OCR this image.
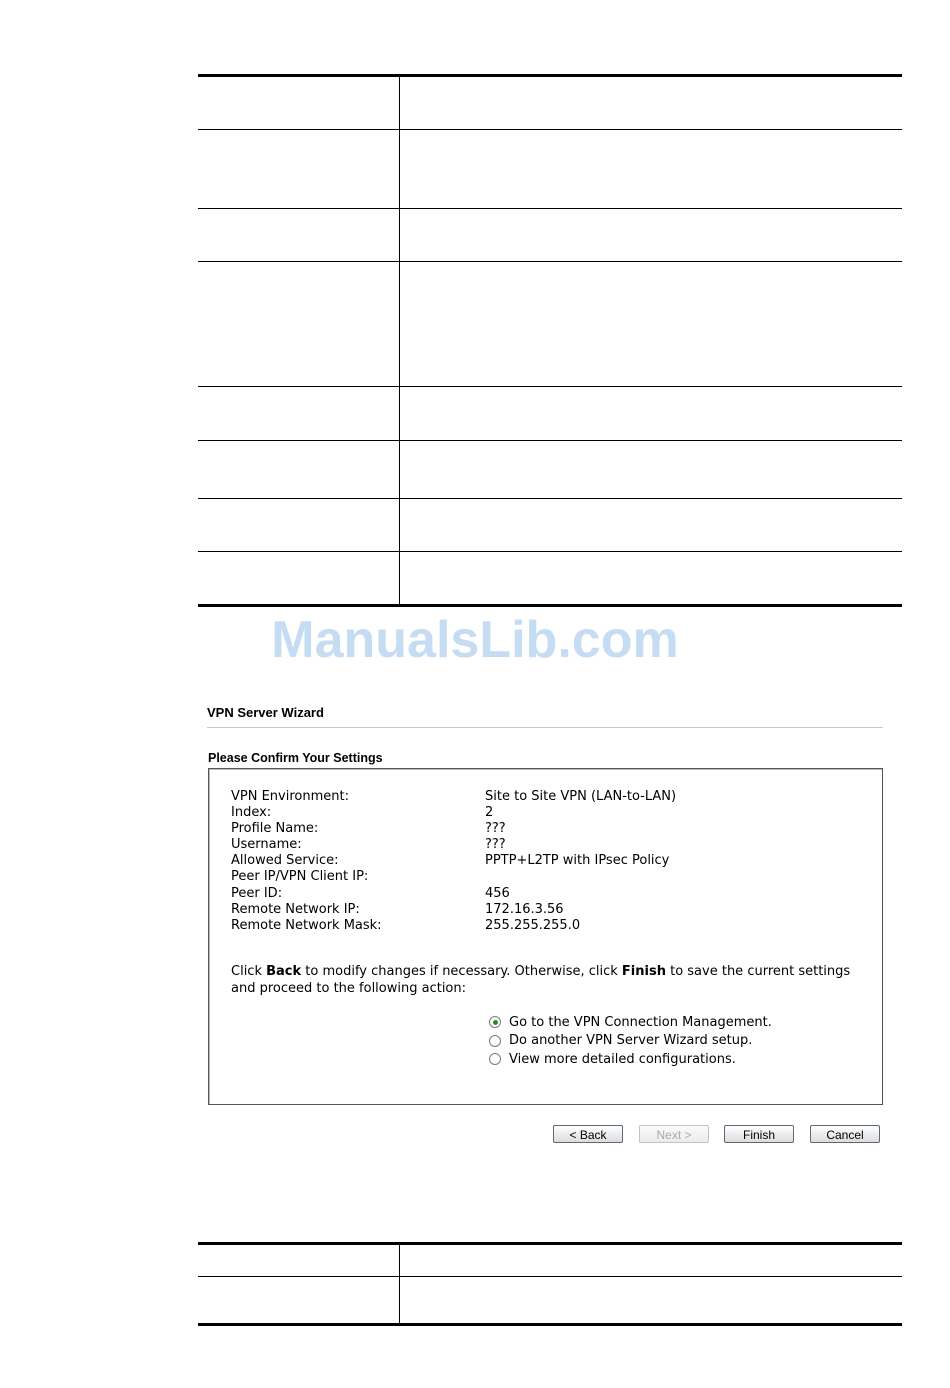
ManualsLib.com
VPN Server Wizard
Please Confirm Your Settings
VPN Environment:	Site to Site VPN (LAN-to-LAN)
Index:	2
Profile Name:	???
Username:	???
Allowed Service:	PPTP+L2TP with IPsec Policy
Peer IP/VPN Client IP:
Peer ID:	456
Remote Network IP:	172.16.3.56
Remote Network Mask:	255.255.255.0
Click Back to modify changes if necessary. Otherwise, click Finish to save the current settings and proceed to the following action:
Go to the VPN Connection Management.
Do another VPN Server Wizard setup.
View more detailed configurations.
< Back	Next >	Finish	Cancel
